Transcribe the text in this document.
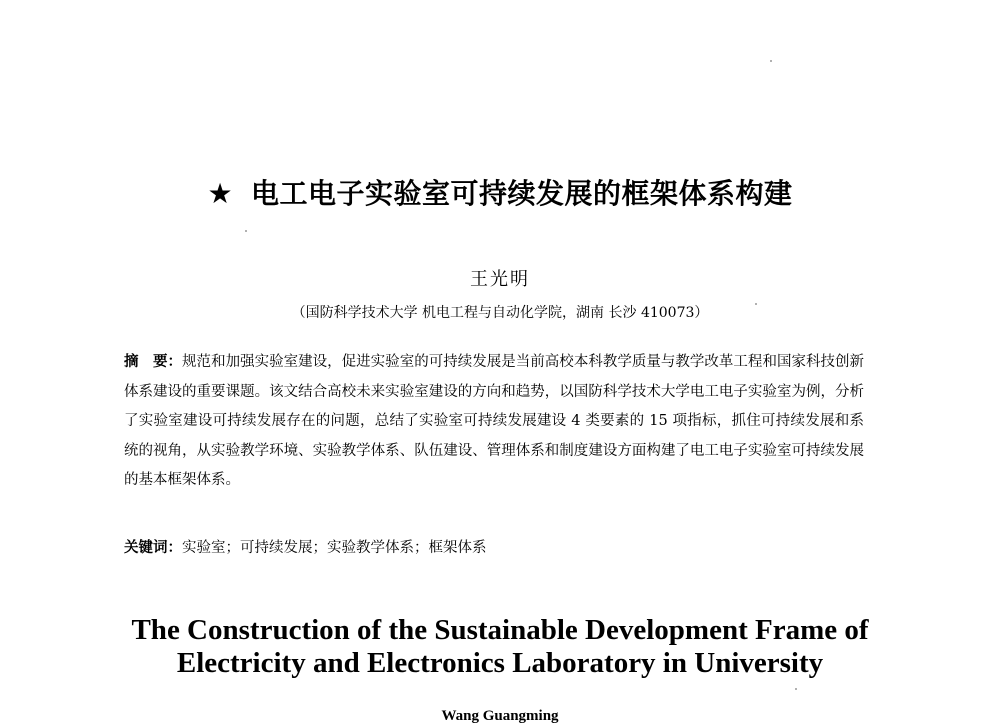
★ 电工电子实验室可持续发展的框架体系构建
王光明
（国防科学技术大学 机电工程与自动化学院，湖南 长沙 410073）
摘　要：规范和加强实验室建设，促进实验室的可持续发展是当前高校本科教学质量与教学改革工程和国家科技创新体系建设的重要课题。该文结合高校未来实验室建设的方向和趋势，以国防科学技术大学电工电子实验室为例，分析了实验室建设可持续发展存在的问题，总结了实验室可持续发展建设 4 类要素的 15 项指标，抓住可持续发展和系统的视角，从实验教学环境、实验教学体系、队伍建设、管理体系和制度建设方面构建了电工电子实验室可持续发展的基本框架体系。
关键词：实验室；可持续发展；实验教学体系；框架体系
The Construction of the Sustainable Development Frame of
Electricity and Electronics Laboratory in University
Wang Guangming
